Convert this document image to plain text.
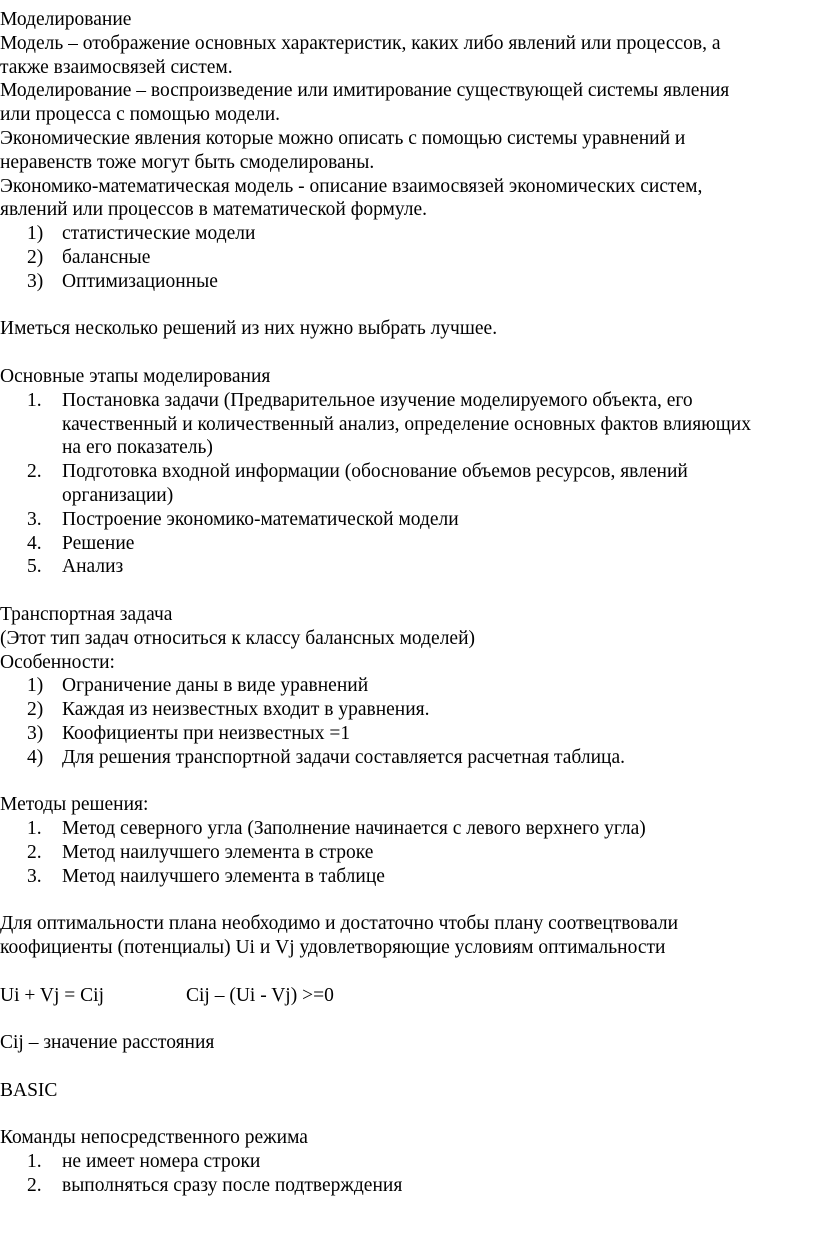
Моделирование
Модель – отображение основных характеристик, каких либо явлений или процессов, а
также взаимосвязей систем.
Моделирование – воспроизведение или имитирование существующей системы явления
или процесса с помощью модели.
Экономические явления которые можно описать с помощью системы уравнений и
неравенств тоже могут быть смоделированы.
Экономико-математическая модель - описание взаимосвязей экономических систем,
явлений или процессов в математической формуле.
1) статистические модели
2) балансные
3) Оптимизационные
Иметься несколько решений из них нужно выбрать лучшее.
Основные этапы моделирования
1. Постановка задачи (Предварительное изучение моделируемого объекта, его
качественный и количественный анализ, определение основных фактов влияющих
на его показатель)
2. Подготовка входной информации (обоснование объемов ресурсов, явлений
организации)
3. Построение экономико-математической модели
4. Решение
5. Анализ
Транспортная задача
(Этот тип задач относиться к классу балансных моделей)
Особенности:
1) Ограничение даны в виде уравнений
2) Каждая из неизвестных входит в уравнения.
3) Коофициенты при неизвестных =1
4) Для решения транспортной задачи составляется расчетная таблица.
Методы решения:
1. Метод северного угла (Заполнение начинается с левого верхнего угла)
2. Метод наилучшего элемента в строке
3. Метод наилучшего элемента в таблице
Для оптимальности плана необходимо и достаточно чтобы плану соотвецтвовали
коофициенты (потенциалы) Ui и Vj удовлетворяющие условиям оптимальности
Ui + Vj = Cij	Cij – (Ui - Vj) >=0
Cij – значение расстояния
BASIC
Команды непосредственного режима
1. не имеет номера строки
2. выполняться сразу после подтверждения
